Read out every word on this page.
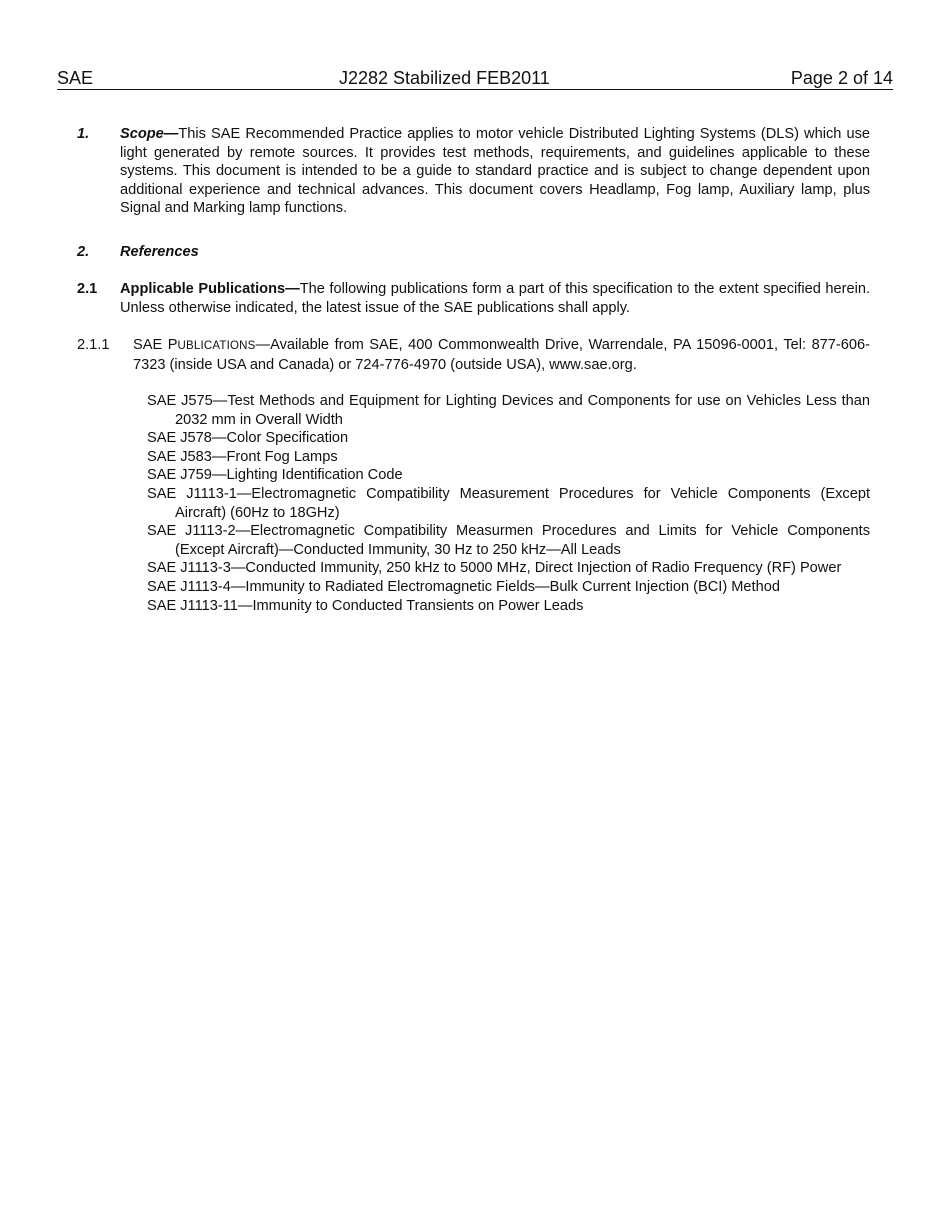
SAE	J2282 Stabilized FEB2011	Page 2 of 14
1. Scope—This SAE Recommended Practice applies to motor vehicle Distributed Lighting Systems (DLS) which use light generated by remote sources. It provides test methods, requirements, and guidelines applicable to these systems. This document is intended to be a guide to standard practice and is subject to change dependent upon additional experience and technical advances. This document covers Headlamp, Fog lamp, Auxiliary lamp, plus Signal and Marking lamp functions.
2. References
2.1 Applicable Publications—The following publications form a part of this specification to the extent specified herein. Unless otherwise indicated, the latest issue of the SAE publications shall apply.
2.1.1 SAE PUBLICATIONS—Available from SAE, 400 Commonwealth Drive, Warrendale, PA 15096-0001, Tel: 877-606-7323 (inside USA and Canada) or 724-776-4970 (outside USA), www.sae.org.
SAE J575—Test Methods and Equipment for Lighting Devices and Components for use on Vehicles Less than 2032 mm in Overall Width
SAE J578—Color Specification
SAE J583—Front Fog Lamps
SAE J759—Lighting Identification Code
SAE J1113-1—Electromagnetic Compatibility Measurement Procedures for Vehicle Components (Except Aircraft) (60Hz to 18GHz)
SAE J1113-2—Electromagnetic Compatibility Measurmen Procedures and Limits for Vehicle Components (Except Aircraft)—Conducted Immunity, 30 Hz to 250 kHz—All Leads
SAE J1113-3—Conducted Immunity, 250 kHz to 5000 MHz, Direct Injection of Radio Frequency (RF) Power
SAE J1113-4—Immunity to Radiated Electromagnetic Fields—Bulk Current Injection (BCI) Method
SAE J1113-11—Immunity to Conducted Transients on Power Leads
